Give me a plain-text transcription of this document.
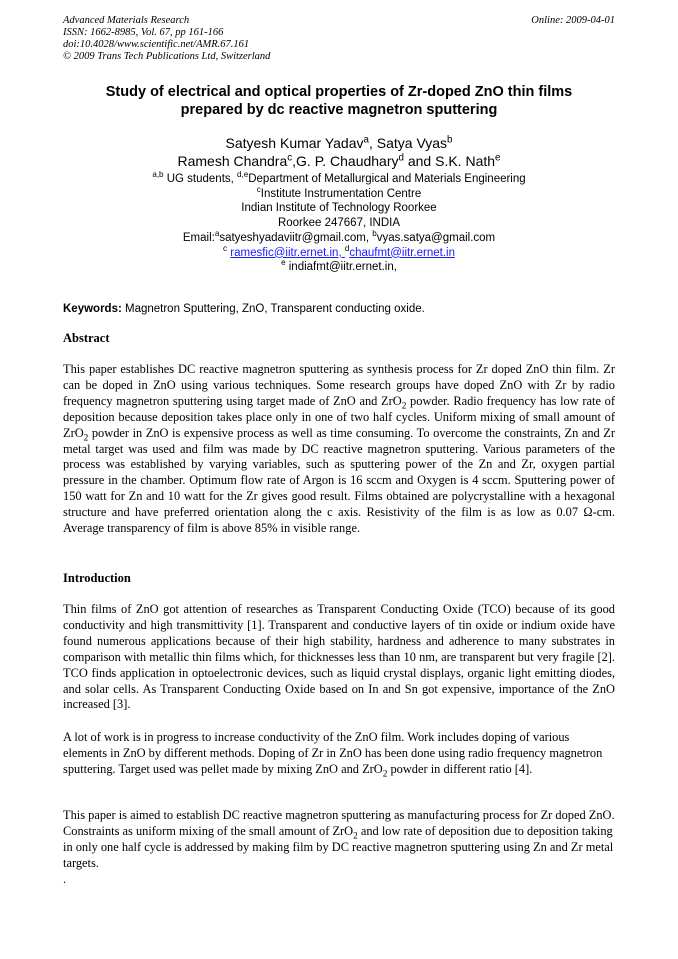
Advanced Materials Research	Online: 2009-04-01
ISSN: 1662-8985, Vol. 67, pp 161-166
doi:10.4028/www.scientific.net/AMR.67.161
© 2009 Trans Tech Publications Ltd, Switzerland
Study of electrical and optical properties of Zr-doped ZnO thin films
prepared by dc reactive magnetron sputtering
Satyesh Kumar Yadav$^a$, Satya Vyas$^b$
Ramesh Chandra$^c$,G. P. Chaudhary$^d$ and S.K. Nath$^e$
$^{a,b}$ UG students, $^{d,e}$Department of Metallurgical and Materials Engineering
$^c$Institute Instrumentation Centre
Indian Institute of Technology Roorkee
Roorkee 247667, INDIA
Email:$^a$satyeshyadaviitr@gmail.com, $^b$vyas.satya@gmail.com
$^c$ ramesfic@iitr.ernet.in, $^d$chaufmt@iitr.ernet.in
$^e$ indiafmt@iitr.ernet.in,
Keywords: Magnetron Sputtering, ZnO, Transparent conducting oxide.
Abstract
This paper establishes DC reactive magnetron sputtering as synthesis process for Zr doped ZnO thin film. Zr can be doped in ZnO using various techniques. Some research groups have doped ZnO with Zr by radio frequency magnetron sputtering using target made of ZnO and ZrO$_2$ powder. Radio frequency has low rate of deposition because deposition takes place only in one of two half cycles. Uniform mixing of small amount of ZrO$_2$ powder in ZnO is expensive process as well as time consuming. To overcome the constraints, Zn and Zr metal target was used and film was made by DC reactive magnetron sputtering. Various parameters of the process was established by varying variables, such as sputtering power of the Zn and Zr, oxygen partial pressure in the chamber. Optimum flow rate of Argon is 16 sccm and Oxygen is 4 sccm. Sputtering power of 150 watt for Zn and 10 watt for the Zr gives good result. Films obtained are polycrystalline with a hexagonal structure and have preferred orientation along the c axis. Resistivity of the film is as low as 0.07 Ω-cm. Average transparency of film is above 85% in visible range.
Introduction
Thin films of ZnO got attention of researches as Transparent Conducting Oxide (TCO) because of its good conductivity and high transmittivity [1]. Transparent and conductive layers of tin oxide or indium oxide have found numerous applications because of their high stability, hardness and adherence to many substrates in comparison with metallic thin films which, for thicknesses less than 10 nm, are transparent but very fragile [2]. TCO finds application in optoelectronic devices, such as liquid crystal displays, organic light emitting diodes, and solar cells. As Transparent Conducting Oxide based on In and Sn got expensive, importance of the ZnO increased [3].
A lot of work is in progress to increase conductivity of the ZnO film. Work includes doping of various elements in ZnO by different methods. Doping of Zr in ZnO has been done using radio frequency magnetron sputtering. Target used was pellet made by mixing ZnO and ZrO$_2$ powder in different ratio [4].
This paper is aimed to establish DC reactive magnetron sputtering as manufacturing process for Zr doped ZnO. Constraints as uniform mixing of the small amount of ZrO$_2$ and low rate of deposition due to deposition taking in only one half cycle is addressed by making film by DC reactive magnetron sputtering using Zn and Zr metal targets.
.
